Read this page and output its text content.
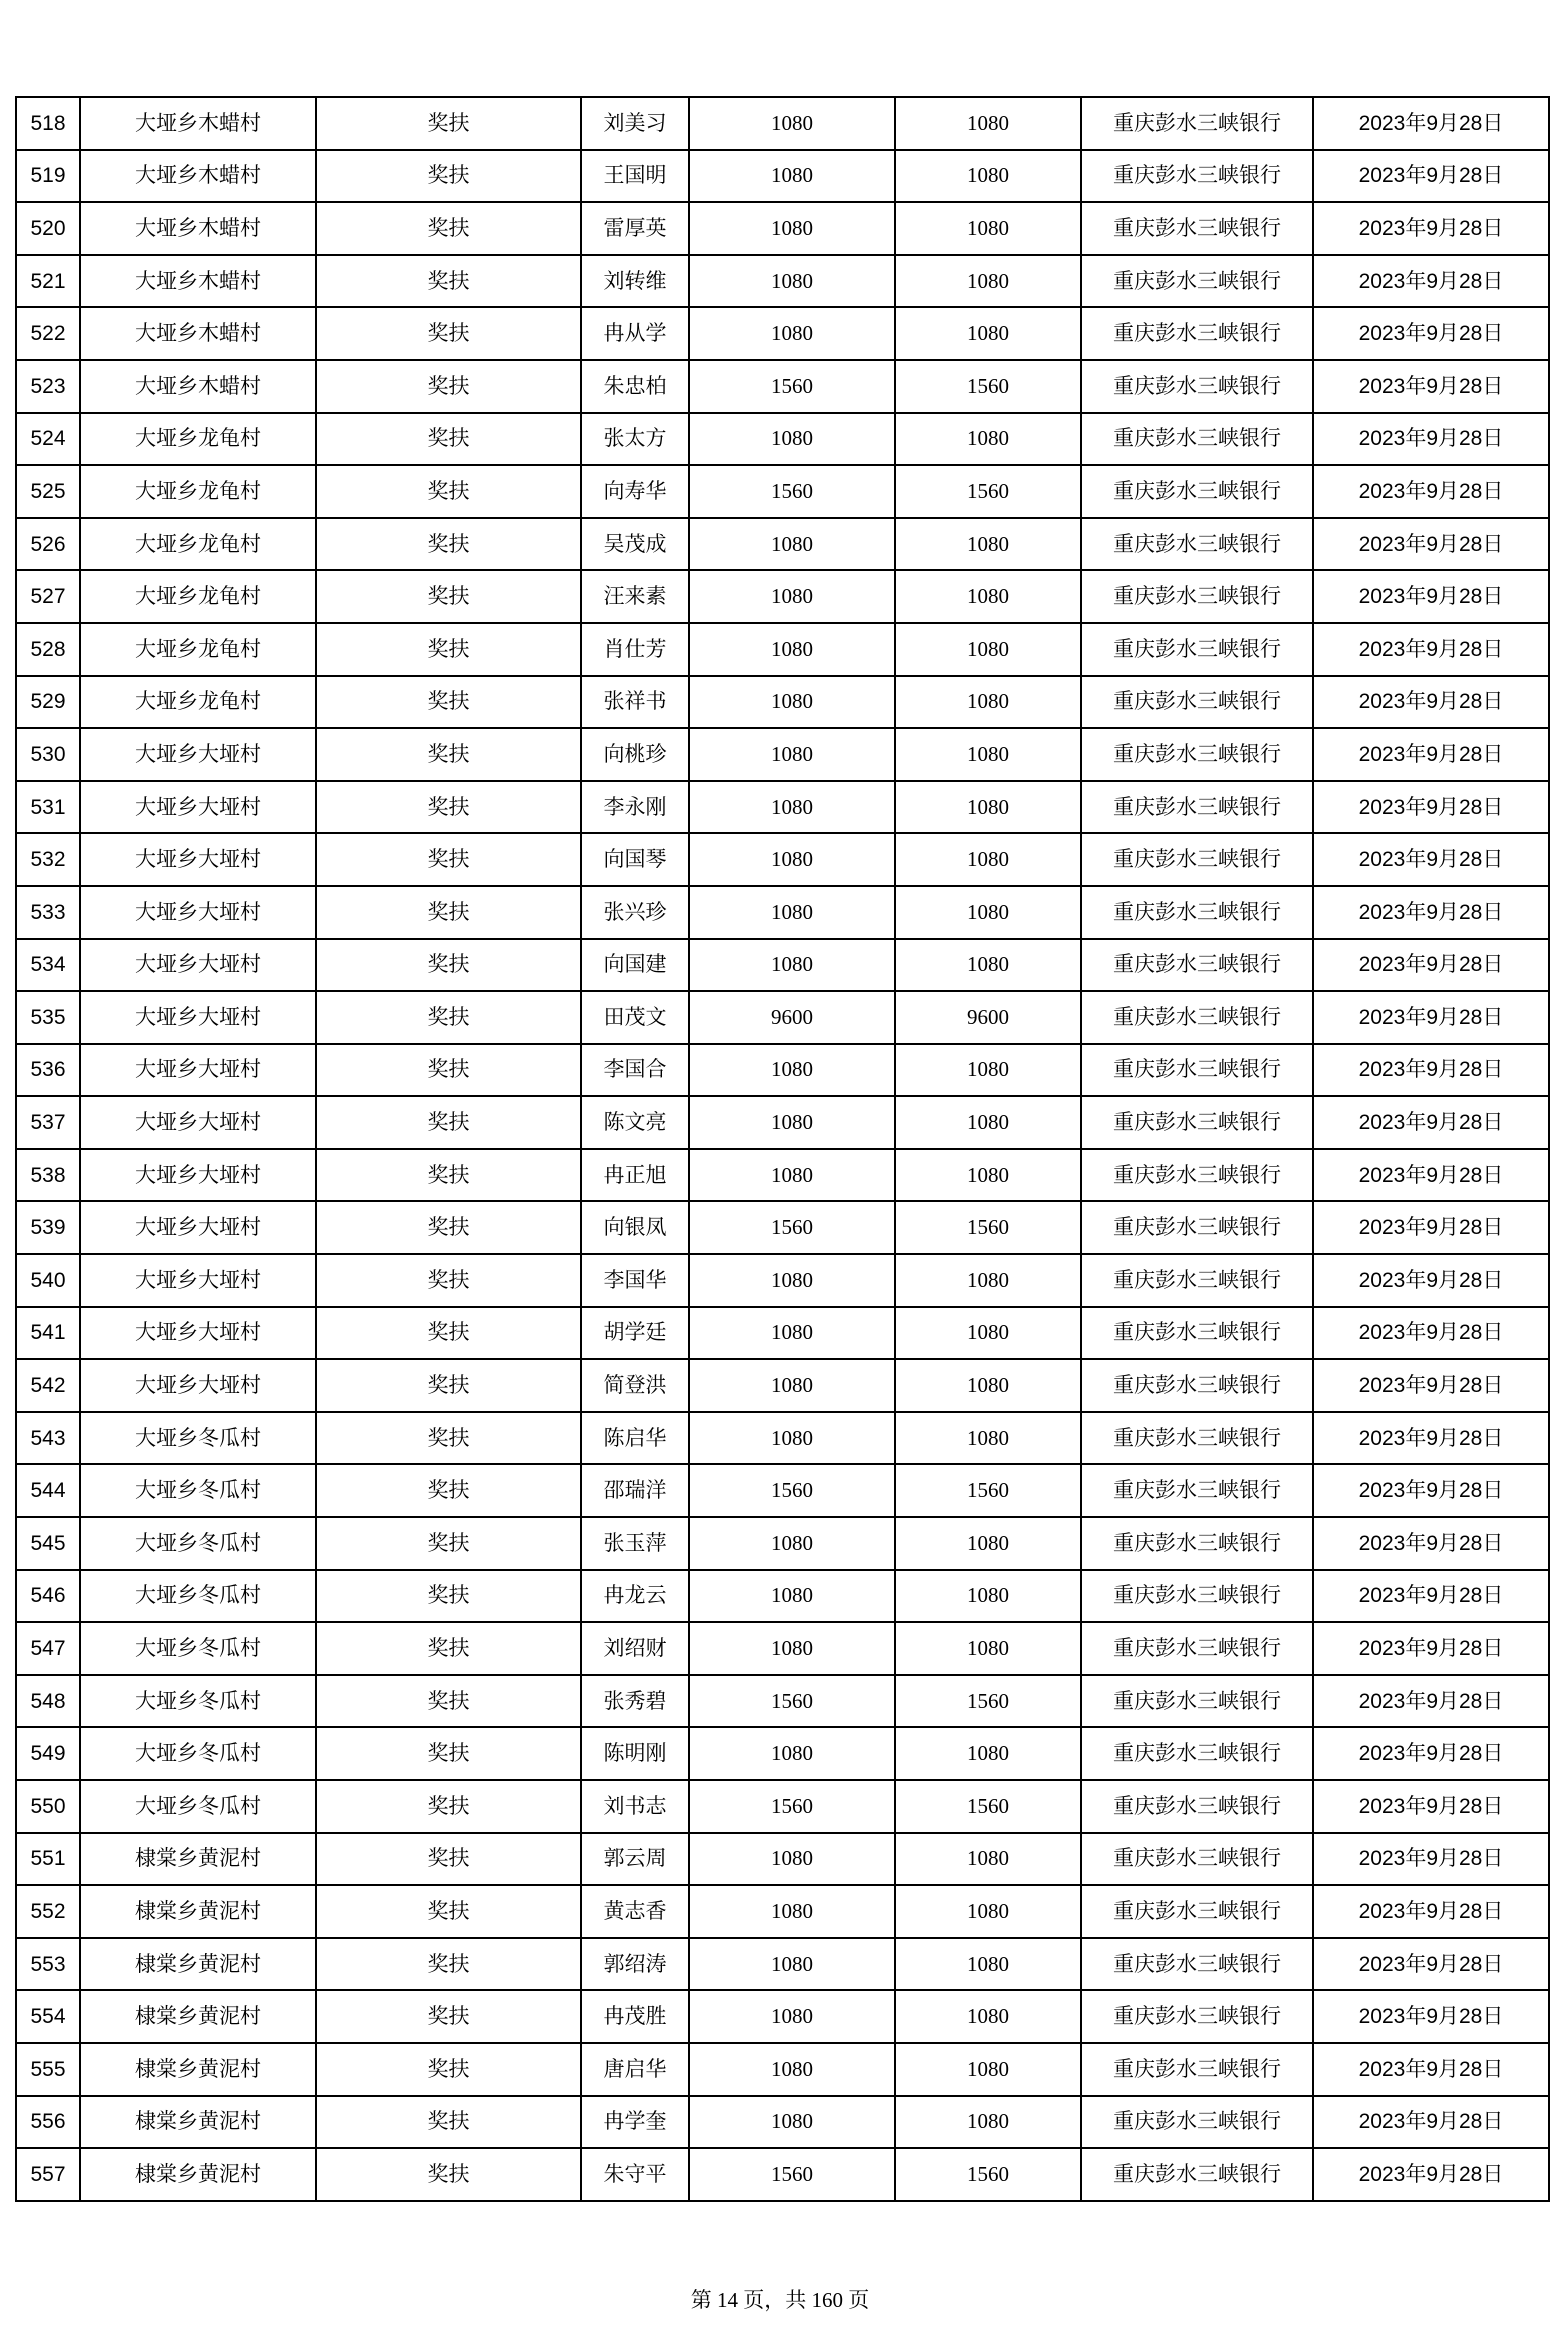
518	大垭乡木蜡村	奖扶	刘美习	1080	1080	重庆彭水三峡银行	2023年9月28日
519	大垭乡木蜡村	奖扶	王国明	1080	1080	重庆彭水三峡银行	2023年9月28日
520	大垭乡木蜡村	奖扶	雷厚英	1080	1080	重庆彭水三峡银行	2023年9月28日
521	大垭乡木蜡村	奖扶	刘转维	1080	1080	重庆彭水三峡银行	2023年9月28日
522	大垭乡木蜡村	奖扶	冉从学	1080	1080	重庆彭水三峡银行	2023年9月28日
523	大垭乡木蜡村	奖扶	朱忠柏	1560	1560	重庆彭水三峡银行	2023年9月28日
524	大垭乡龙龟村	奖扶	张太方	1080	1080	重庆彭水三峡银行	2023年9月28日
525	大垭乡龙龟村	奖扶	向寿华	1560	1560	重庆彭水三峡银行	2023年9月28日
526	大垭乡龙龟村	奖扶	吴茂成	1080	1080	重庆彭水三峡银行	2023年9月28日
527	大垭乡龙龟村	奖扶	汪来素	1080	1080	重庆彭水三峡银行	2023年9月28日
528	大垭乡龙龟村	奖扶	肖仕芳	1080	1080	重庆彭水三峡银行	2023年9月28日
529	大垭乡龙龟村	奖扶	张祥书	1080	1080	重庆彭水三峡银行	2023年9月28日
530	大垭乡大垭村	奖扶	向桃珍	1080	1080	重庆彭水三峡银行	2023年9月28日
531	大垭乡大垭村	奖扶	李永刚	1080	1080	重庆彭水三峡银行	2023年9月28日
532	大垭乡大垭村	奖扶	向国琴	1080	1080	重庆彭水三峡银行	2023年9月28日
533	大垭乡大垭村	奖扶	张兴珍	1080	1080	重庆彭水三峡银行	2023年9月28日
534	大垭乡大垭村	奖扶	向国建	1080	1080	重庆彭水三峡银行	2023年9月28日
535	大垭乡大垭村	奖扶	田茂文	9600	9600	重庆彭水三峡银行	2023年9月28日
536	大垭乡大垭村	奖扶	李国合	1080	1080	重庆彭水三峡银行	2023年9月28日
537	大垭乡大垭村	奖扶	陈文亮	1080	1080	重庆彭水三峡银行	2023年9月28日
538	大垭乡大垭村	奖扶	冉正旭	1080	1080	重庆彭水三峡银行	2023年9月28日
539	大垭乡大垭村	奖扶	向银凤	1560	1560	重庆彭水三峡银行	2023年9月28日
540	大垭乡大垭村	奖扶	李国华	1080	1080	重庆彭水三峡银行	2023年9月28日
541	大垭乡大垭村	奖扶	胡学廷	1080	1080	重庆彭水三峡银行	2023年9月28日
542	大垭乡大垭村	奖扶	简登洪	1080	1080	重庆彭水三峡银行	2023年9月28日
543	大垭乡冬瓜村	奖扶	陈启华	1080	1080	重庆彭水三峡银行	2023年9月28日
544	大垭乡冬瓜村	奖扶	邵瑞洋	1560	1560	重庆彭水三峡银行	2023年9月28日
545	大垭乡冬瓜村	奖扶	张玉萍	1080	1080	重庆彭水三峡银行	2023年9月28日
546	大垭乡冬瓜村	奖扶	冉龙云	1080	1080	重庆彭水三峡银行	2023年9月28日
547	大垭乡冬瓜村	奖扶	刘绍财	1080	1080	重庆彭水三峡银行	2023年9月28日
548	大垭乡冬瓜村	奖扶	张秀碧	1560	1560	重庆彭水三峡银行	2023年9月28日
549	大垭乡冬瓜村	奖扶	陈明刚	1080	1080	重庆彭水三峡银行	2023年9月28日
550	大垭乡冬瓜村	奖扶	刘书志	1560	1560	重庆彭水三峡银行	2023年9月28日
551	棣棠乡黄泥村	奖扶	郭云周	1080	1080	重庆彭水三峡银行	2023年9月28日
552	棣棠乡黄泥村	奖扶	黄志香	1080	1080	重庆彭水三峡银行	2023年9月28日
553	棣棠乡黄泥村	奖扶	郭绍涛	1080	1080	重庆彭水三峡银行	2023年9月28日
554	棣棠乡黄泥村	奖扶	冉茂胜	1080	1080	重庆彭水三峡银行	2023年9月28日
555	棣棠乡黄泥村	奖扶	唐启华	1080	1080	重庆彭水三峡银行	2023年9月28日
556	棣棠乡黄泥村	奖扶	冉学奎	1080	1080	重庆彭水三峡银行	2023年9月28日
557	棣棠乡黄泥村	奖扶	朱守平	1560	1560	重庆彭水三峡银行	2023年9月28日
第 14 页，共 160 页
